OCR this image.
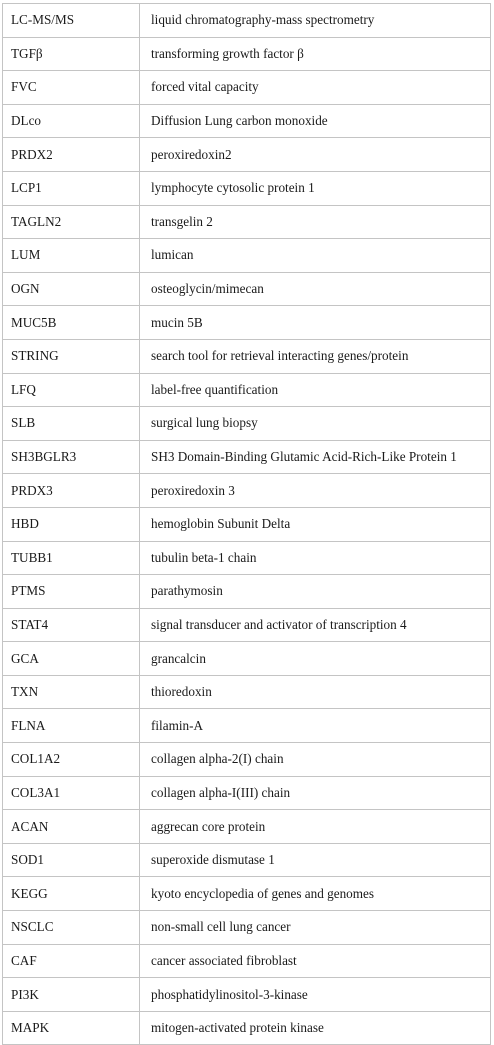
LC-MS/MS	liquid chromatography-mass spectrometry
TGFβ	transforming growth factor β
FVC	forced vital capacity
DLco	Diffusion Lung carbon monoxide
PRDX2	peroxiredoxin2
LCP1	lymphocyte cytosolic protein 1
TAGLN2	transgelin 2
LUM	lumican
OGN	osteoglycin/mimecan
MUC5B	mucin 5B
STRING	search tool for retrieval interacting genes/protein
LFQ	label-free quantification
SLB	surgical lung biopsy
SH3BGLR3	SH3 Domain-Binding Glutamic Acid-Rich-Like Protein 1
PRDX3	peroxiredoxin 3
HBD	hemoglobin Subunit Delta
TUBB1	tubulin beta-1 chain
PTMS	parathymosin
STAT4	signal transducer and activator of transcription 4
GCA	grancalcin
TXN	thioredoxin
FLNA	filamin-A
COL1A2	collagen alpha-2(I) chain
COL3A1	collagen alpha-I(III) chain
ACAN	aggrecan core protein
SOD1	superoxide dismutase 1
KEGG	kyoto encyclopedia of genes and genomes
NSCLC	non-small cell lung cancer
CAF	cancer associated fibroblast
PI3K	phosphatidylinositol-3-kinase
MAPK	mitogen-activated protein kinase
